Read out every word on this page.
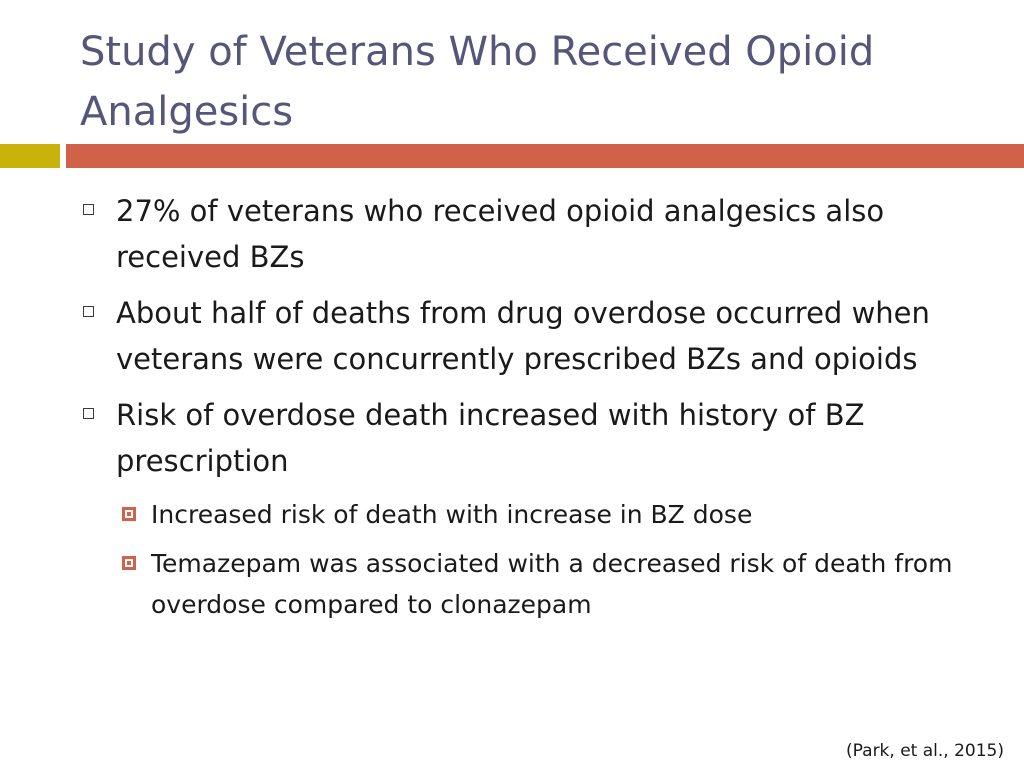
Study of Veterans Who Received Opioid Analgesics
27% of veterans who received opioid analgesics also received BZs
About half of deaths from drug overdose occurred when veterans were concurrently prescribed BZs and opioids
Risk of overdose death increased with history of BZ prescription
Increased risk of death with increase in BZ dose
Temazepam was associated with a decreased risk of death from overdose compared to clonazepam
(Park, et al., 2015)
